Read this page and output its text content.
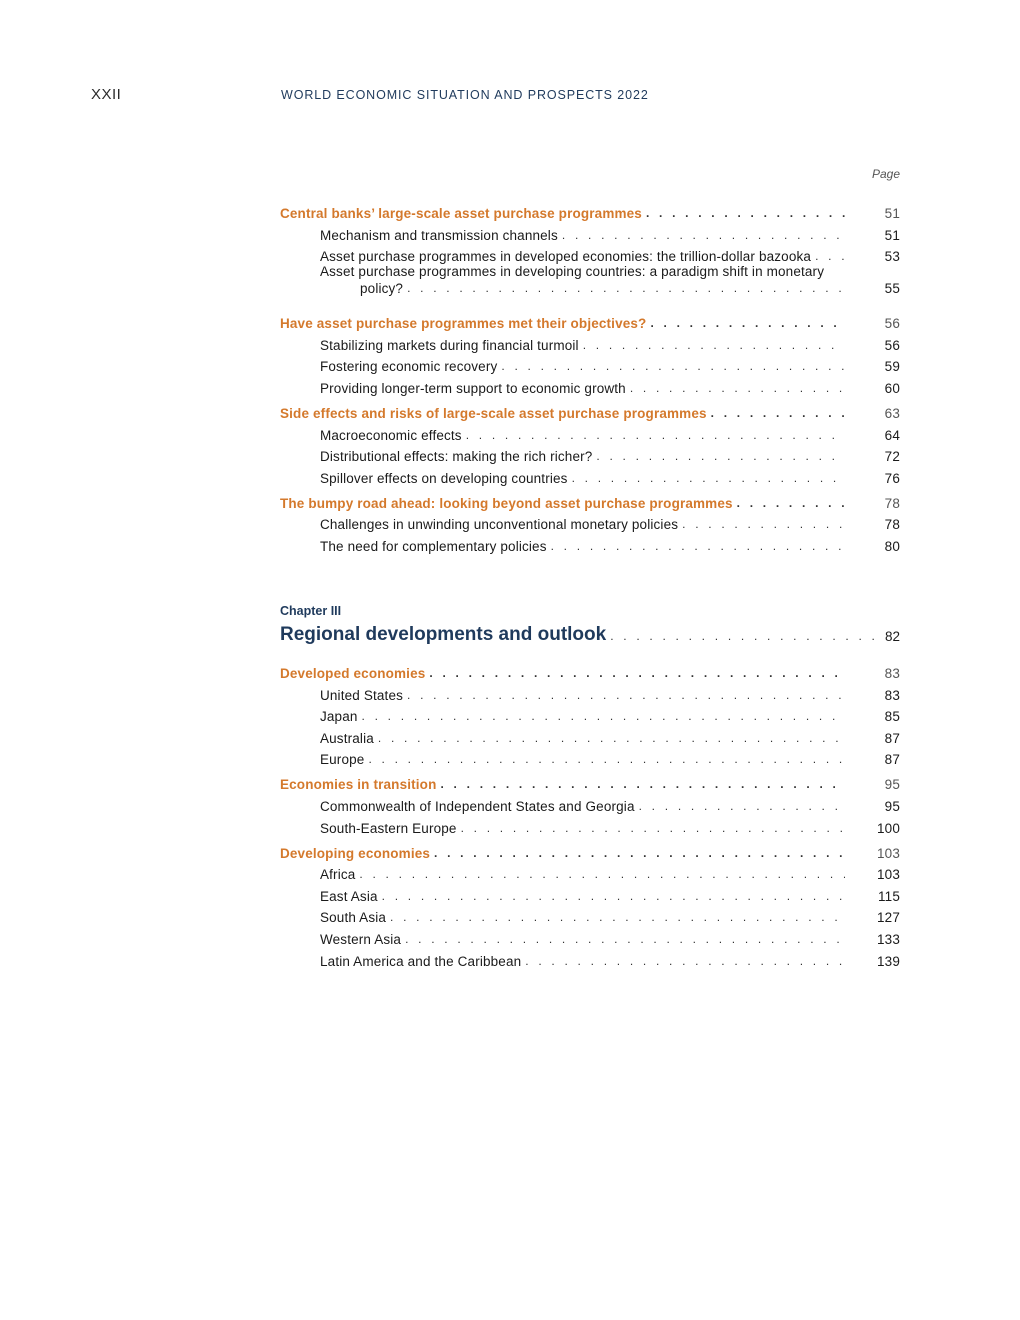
XXII	WORLD ECONOMIC SITUATION AND PROSPECTS 2022
Page
Central banks’ large-scale asset purchase programmes . . .	51
Mechanism and transmission channels . . .	51
Asset purchase programmes in developed economies: the trillion-dollar bazooka . . .	53
Asset purchase programmes in developing countries: a paradigm shift in monetary
policy? . . .	55
Have asset purchase programmes met their objectives? . . .	56
Stabilizing markets during financial turmoil . . .	56
Fostering economic recovery . . .	59
Providing longer-term support to economic growth . . .	60
Side effects and risks of large-scale asset purchase programmes . . .	63
Macroeconomic effects . . .	64
Distributional effects: making the rich richer? . . .	72
Spillover effects on developing countries . . .	76
The bumpy road ahead: looking beyond asset purchase programmes . . .	78
Challenges in unwinding unconventional monetary policies . . .	78
The need for complementary policies . . .	80
Chapter III
Regional developments and outlook . . .	82
Developed economies . . .	83
United States . . .	83
Japan . . .	85
Australia . . .	87
Europe . . .	87
Economies in transition . . .	95
Commonwealth of Independent States and Georgia . . .	95
South-Eastern Europe . . .	100
Developing economies . . .	103
Africa . . .	103
East Asia . . .	115
South Asia . . .	127
Western Asia . . .	133
Latin America and the Caribbean . . .	139
